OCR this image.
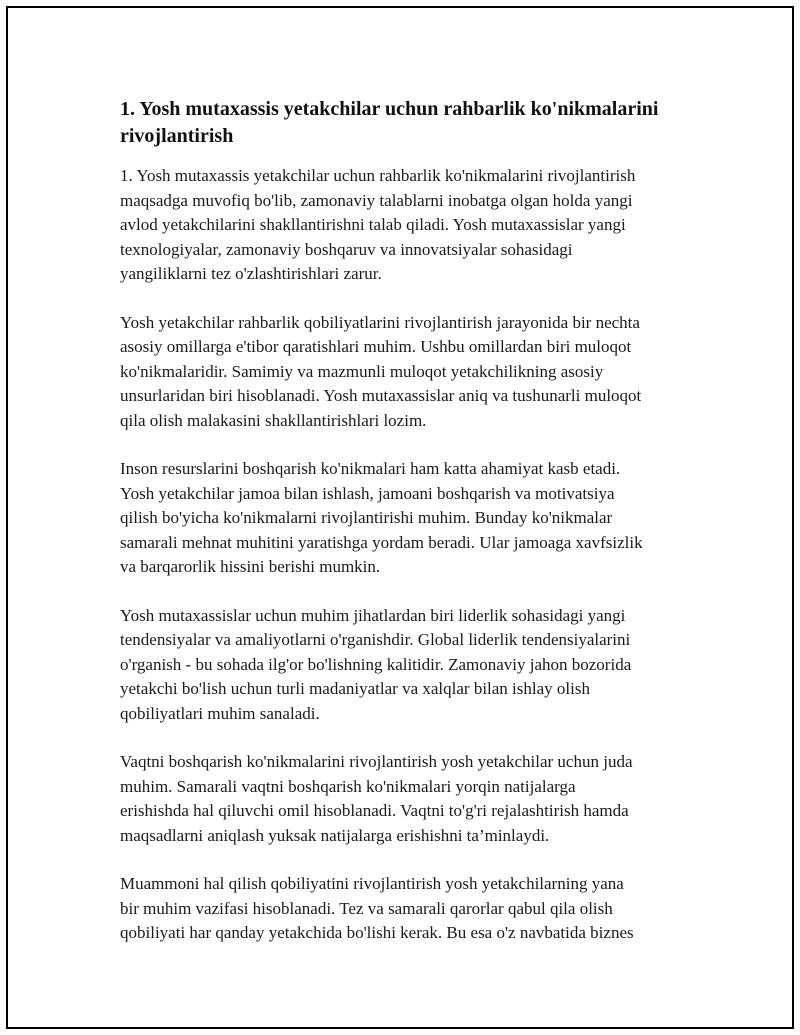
1. Yosh mutaxassis yetakchilar uchun rahbarlik ko'nikmalarini rivojlantirish

1. Yosh mutaxassis yetakchilar uchun rahbarlik ko'nikmalarini rivojlantirish
maqsadga muvofiq bo'lib, zamonaviy talablarni inobatga olgan holda yangi
avlod yetakchilarini shakllantirishni talab qiladi. Yosh mutaxassislar yangi
texnologiyalar, zamonaviy boshqaruv va innovatsiyalar sohasidagi
yangiliklarni tez o'zlashtirishlari zarur.

Yosh yetakchilar rahbarlik qobiliyatlarini rivojlantirish jarayonida bir nechta
asosiy omillarga e'tibor qaratishlari muhim. Ushbu omillardan biri muloqot
ko'nikmalaridir. Samimiy va mazmunli muloqot yetakchilikning asosiy
unsurlaridan biri hisoblanadi. Yosh mutaxassislar aniq va tushunarli muloqot
qila olish malakasini shakllantirishlari lozim.

Inson resurslarini boshqarish ko'nikmalari ham katta ahamiyat kasb etadi.
Yosh yetakchilar jamoa bilan ishlash, jamoani boshqarish va motivatsiya
qilish bo'yicha ko'nikmalarni rivojlantirishi muhim. Bunday ko'nikmalar
samarali mehnat muhitini yaratishga yordam beradi. Ular jamoaga xavfsizlik
va barqarorlik hissini berishi mumkin.

Yosh mutaxassislar uchun muhim jihatlardan biri liderlik sohasidagi yangi
tendensiyalar va amaliyotlarni o'rganishdir. Global liderlik tendensiyalarini
o'rganish - bu sohada ilg'or bo'lishning kalitidir. Zamonaviy jahon bozorida
yetakchi bo'lish uchun turli madaniyatlar va xalqlar bilan ishlay olish
qobiliyatlari muhim sanaladi.

Vaqtni boshqarish ko'nikmalarini rivojlantirish yosh yetakchilar uchun juda
muhim. Samarali vaqtni boshqarish ko'nikmalari yorqin natijalarga
erishishda hal qiluvchi omil hisoblanadi. Vaqtni to'g'ri rejalashtirish hamda
maqsadlarni aniqlash yuksak natijalarga erishishni ta’minlaydi.

Muammoni hal qilish qobiliyatini rivojlantirish yosh yetakchilarning yana
bir muhim vazifasi hisoblanadi. Tez va samarali qarorlar qabul qila olish
qobiliyati har qanday yetakchida bo'lishi kerak. Bu esa o'z navbatida biznes
